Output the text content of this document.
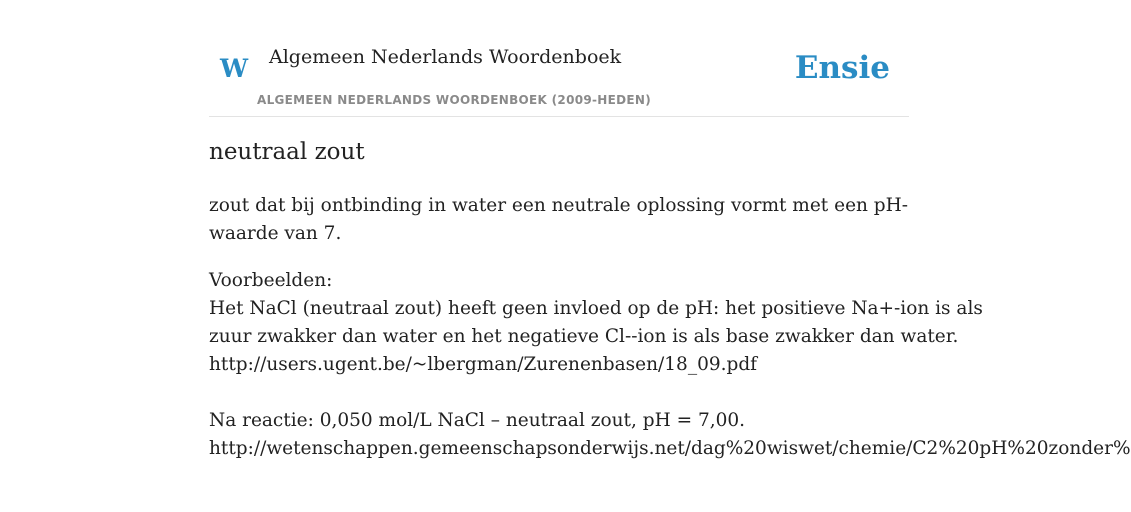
W Algemeen Nederlands Woordenboek
ALGEMEEN NEDERLANDS WOORDENBOEK (2009-HEDEN)
Ensie
neutraal zout
zout dat bij ontbinding in water een neutrale oplossing vormt met een pH-waarde van 7.
Voorbeelden:
Het NaCl (neutraal zout) heeft geen invloed op de pH: het positieve Na+-ion is als
zuur zwakker dan water en het negatieve Cl--ion is als base zwakker dan water.
http://users.ugent.be/~lbergman/Zurenenbasen/18_09.pdf
Na reactie: 0,050 mol/L NaCl – neutraal zout, pH = 7,00.
http://wetenschappen.gemeenschapsonderwijs.net/dag%20wiswet/chemie/C2%20pH%20zonder%
